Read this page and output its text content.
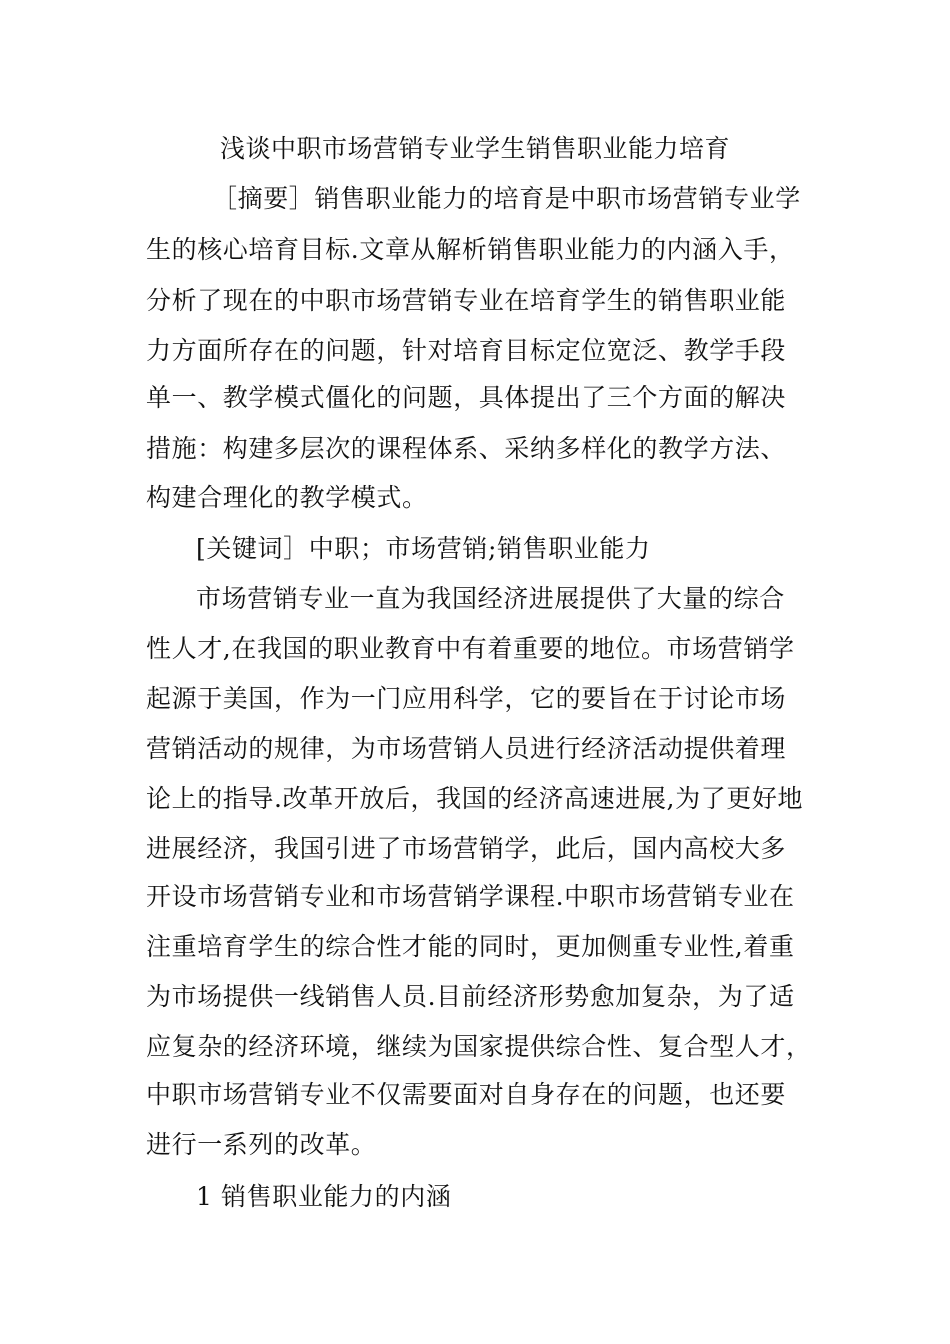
浅谈中职市场营销专业学生销售职业能力培育
［摘要］销售职业能力的培育是中职市场营销专业学
生的核心培育目标.文章从解析销售职业能力的内涵入手，
分析了现在的中职市场营销专业在培育学生的销售职业能
力方面所存在的问题，针对培育目标定位宽泛、教学手段
单一、教学模式僵化的问题，具体提出了三个方面的解决
措施：构建多层次的课程体系、采纳多样化的教学方法、
构建合理化的教学模式。
[关键词］中职；市场营销;销售职业能力
市场营销专业一直为我国经济进展提供了大量的综合
性人才,在我国的职业教育中有着重要的地位。市场营销学
起源于美国，作为一门应用科学，它的要旨在于讨论市场
营销活动的规律，为市场营销人员进行经济活动提供着理
论上的指导.改革开放后，我国的经济高速进展,为了更好地
进展经济，我国引进了市场营销学，此后，国内高校大多
开设市场营销专业和市场营销学课程.中职市场营销专业在
注重培育学生的综合性才能的同时，更加侧重专业性,着重
为市场提供一线销售人员.目前经济形势愈加复杂，为了适
应复杂的经济环境，继续为国家提供综合性、复合型人才，
中职市场营销专业不仅需要面对自身存在的问题，也还要
进行一系列的改革。
1 销售职业能力的内涵
